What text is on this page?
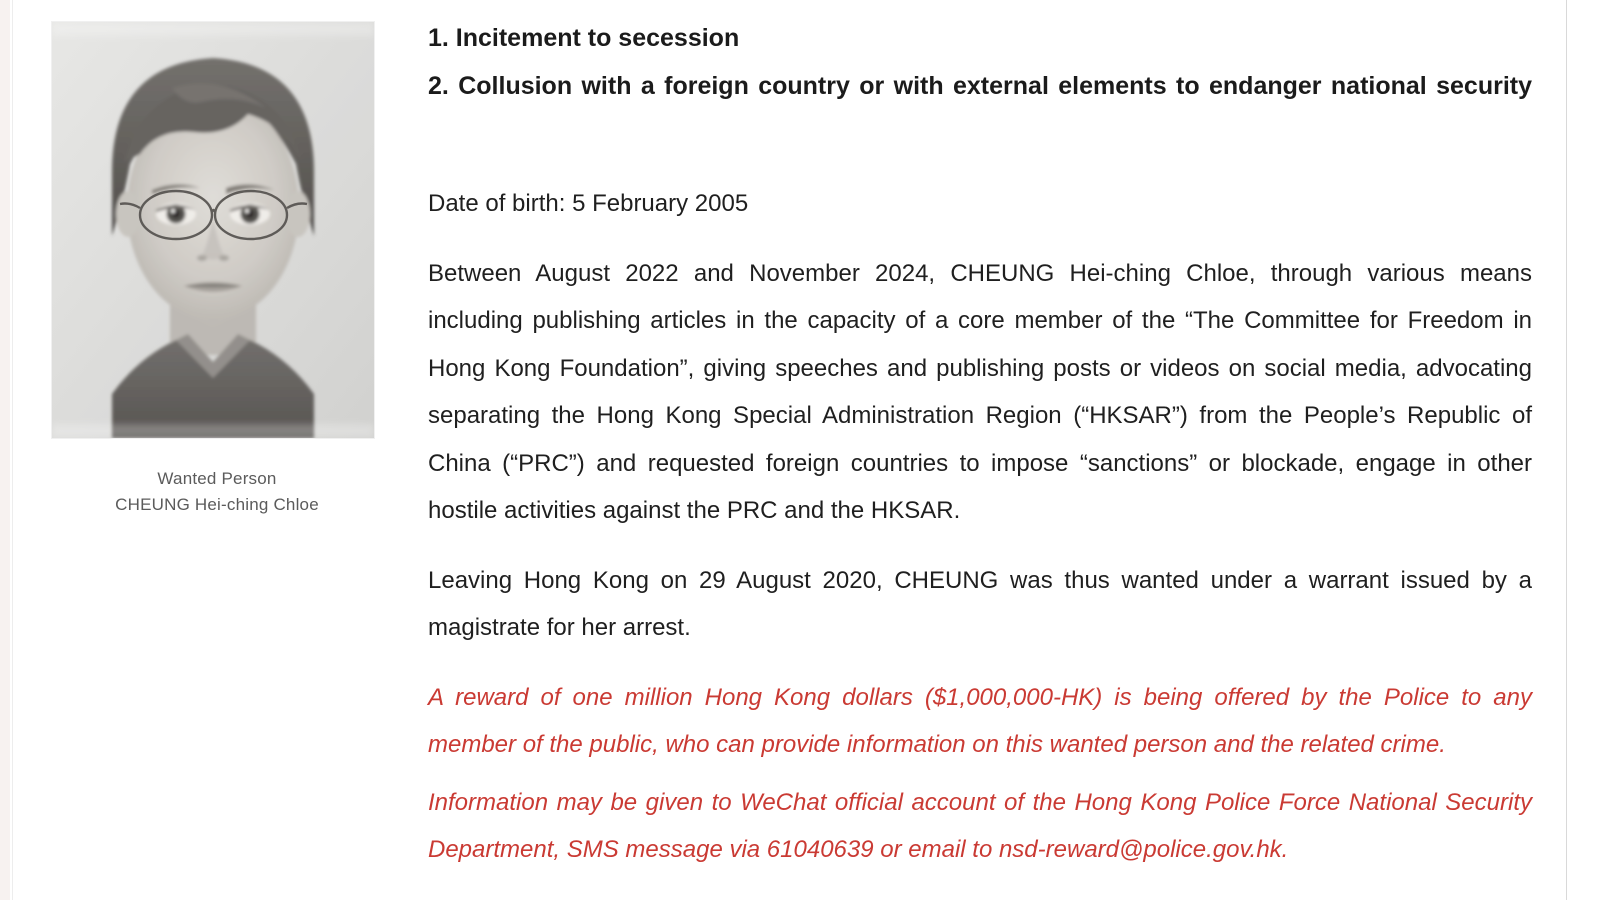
Wanted Person
CHEUNG Hei-ching Chloe

1. Incitement to secession

2. Collusion with a foreign country or with external elements to endanger national security

Date of birth: 5 February 2005

Between August 2022 and November 2024, CHEUNG Hei-ching Chloe, through various means including publishing articles in the capacity of a core member of the “The Committee for Freedom in Hong Kong Foundation”, giving speeches and publishing posts or videos on social media, advocating separating the Hong Kong Special Administration Region (“HKSAR”) from the People’s Republic of China (“PRC”) and requested foreign countries to impose “sanctions” or blockade, engage in other hostile activities against the PRC and the HKSAR.

Leaving Hong Kong on 29 August 2020, CHEUNG was thus wanted under a warrant issued by a magistrate for her arrest.

A reward of one million Hong Kong dollars ($1,000,000-HK) is being offered by the Police to any member of the public, who can provide information on this wanted person and the related crime.

Information may be given to WeChat official account of the Hong Kong Police Force National Security Department, SMS message via 61040639 or email to nsd-reward@police.gov.hk.
